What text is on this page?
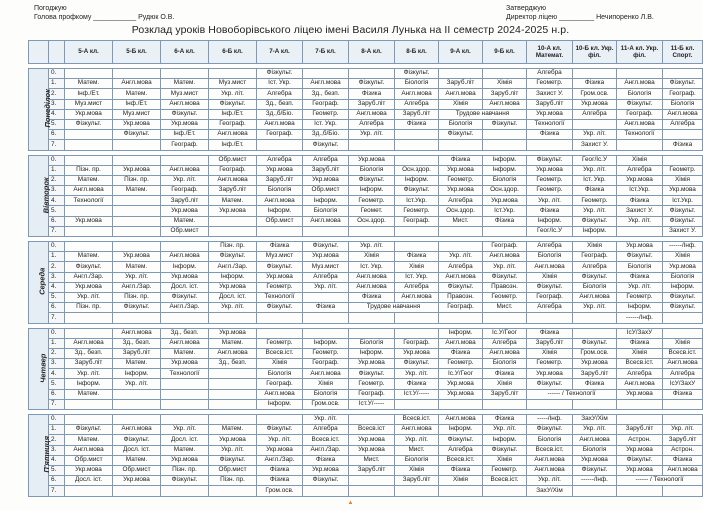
Погоджую
Голова профкому ___________ Рудюк О.В.
Затверджую
Директор ліцею _________ Нечипоренко Л.В.
Розклад уроків Новоборівського ліцею імені Василя Лунька на ІІ семестр 2024-2025 н.р.
		5-А кл.	5-Б кл.	6-А кл.	6-Б кл.	7-А кл.	7-Б кл.	8-А кл.	8-Б кл.	9-А кл.	9-Б кл.	10-А кл. Математ.	10-Б кл. Укр. філ.	11-А кл. Укр. філ.	11-Б кл. Спорт.

Понеділок	0.					Фізкульт.			Фізкульт.			Алгебра			
	1.	Матем.	Англ.мова	Матем.	Муз.мист	Іст. Укр.	Англ.мова	Фізкульт.	Біологія	Заруб.літ	Хімія	Геометр.	Фізика	Англ.мова	Фізкульт.
	2.	Інф./Ет.	Матем.	Муз.мист	Укр. літ.	Алгебра	Зд., безп.	Фізика	Англ.мова	Англ.мова	Заруб.літ	Захист У.	Гром.осв.	Біологія	Географ.
	3.	Муз.мист	Інф./Ет.	Англ.мова	Фізкульт.	Зд., безп.	Географ.	Заруб.літ	Алгебра	Хімія	Англ.мова	Заруб.літ	Укр.мова	Фізкульт.	Біологія
	4.	Укр.мова	Муз.мист	Фізкульт.	Інф./Ет.	Зд.,б/Біо.	Геометр.	Англ.мова	Заруб.літ	Трудове навчання		Укр.мова	Алгебра	Географ.	Англ.мова
	5.	Фізкульт.	Укр.мова	Укр.мова	Географ.	Англ.мова	Іст. Укр.	Алгебра	Фізика	Біологія	Фізкульт.	Технології		Англ.мова	Алгебра
	6.		Фізкульт.	Інф./Ет.	Англ.мова	Географ.	Зд.,б/Біо.	Укр. літ.		Фізкульт.		Фізика	Укр. літ.	Технології	
	7.			Географ.	Інф./Ет.		Фізкульт.						Захист У.		Фізика

Вівторок	0.				Обр.мист	Алгебра	Алгебра	Укр.мова		Фізика	Інформ.	Фізкульт.	Геог/Іс.У	Хімія	
	1.	Пізн. пр.	Укр.мова	Англ.мова	Географ.	Укр.мова	Заруб.літ	Біологія	Осн.здор.	Укр.мова	Інформ.	Укр.мова	Укр. літ.	Алгебра	Геометр.
	2.	Матем.	Пізн. пр.	Укр. літ.	Англ.мова	Заруб.літ	Укр.мова	Фізкульт.	Інформ.	Геометр.	Біологія	Геометр.	Іст. Укр.	Укр.мова	Хімія
	3.	Англ.мова	Матем.	Географ.	Заруб.літ	Біологія	Обр.мист	Інформ.	Фізкульт.	Укр.мова	Осн.здор.	Геометр.	Фізика	Іст.Укр.	Укр.мова
	4.	Технології		Заруб.літ	Матем.	Англ.мова	Інформ.	Геометр.	Іст.Укр.	Алгебра	Укр.мова	Укр. літ.	Геометр.	Фізика	Іст.Укр.
	5.			Укр.мова	Укр.мова	Інформ.	Біологія	Геомет.	Геометр.	Осн.здор.	Іст.Укр.	Фізика	Укр. літ.	Захист У.	Фізкульт.
	6.	Укр.мова		Матем.		Обр.мист	Англ.мова	Осн.здор.	Географ.	Мист.	Фізика	Інформ.	Фізкульт.	Укр. літ.	Фізкульт.
	7.			Обр.мист								Геог/Іс.У	Інформ.		Захист У.

Середа	0.				Пізн. пр.	Фізика	Фізкульт.	Укр. літ.			Географ.	Алгебра	Хімія	Укр.мова	------/Інф.
	1.	Матем.	Укр.мова	Англ.мова	Фізкульт.	Муз.мист	Укр.мова	Хімія	Фізика	Укр. літ.	Англ.мова	Біологія	Географ.	Фізкульт.	Хімія
	2.	Фізкульт.	Матем.	Інформ.	Англ./Зар.	Фізкульт.	Муз.мист	Іст. Укр.	Хімія	Алгебра	Укр. літ.	Англ.мова	Алгебра	Біологія	Укр.мова
	3.	Англ./Зар.	Укр. літ.	Укр.мова	Інформ.	Укр.мова	Алгебра	Англ.мова	Іст. Укр.	Англ.мова	Фізкульт.	Хімія	Фізкульт.	Фізика	Біологія
	4.	Укр.мова	Англ./Зар.	Досл. іст.	Укр.мова	Геометр.	Укр. літ.	Англ.мова	Алгебра	Фізкульт.	Правозн.	Фізкульт.	Біологія	Укр. літ.	Інформ.
	5.	Укр. літ.	Пізн. пр.	Фізкульт.	Досл. іст.	Технології		Фізика	Англ.мова	Правозн.	Геометр.	Географ.	Англ.мова	Геометр.	Фізкульт.
	6.	Пізн. пр.	Фізкульт.	Англ./Зар.	Укр. літ.	Фізкульт.	Фізика	Трудове навчання		Географ.	Мист.	Алгебра	Укр. літ.	Інформ.	Фізкульт.
	7.													------/Інф.	

Четвер	0.		Англ.мова	Зд., безп.	Укр.мова					Інформ.	Іс.У/Геог	Фізика		ІсУ/ЗахУ	
	1.	Англ.мова	Зд., безп.	Англ.мова	Матем.	Геометр.	Інформ.	Біологія	Географ.	Англ.мова	Алгебра	Заруб.літ	Фізкульт.	Фізика	Хімія
	2.	Зд., безп.	Заруб.літ	Матем.	Англ.мова	Всесв.іст.	Геометр.	Інформ.	Укр.мова	Фізика	Англ.мова	Хімія	Гром.осв.	Хімія	Всесв.іст.
	3.	Заруб.літ	Матем.	Укр.мова	Зд., безп.	Хімія	Географ.	Укр.мова	Фізкульт.	Геометр.	Біологія	Геометр.	Укр.мова	Всесв.іст.	Англ.мова
	4.	Укр. літ.	Інформ.	Технології		Біологія	Англ.мова	Фізкульт.	Укр. літ.	Іс.У/Геог	Фізика	Укр.мова	Заруб.літ	Алгебра	Алгебра
	5.	Інформ.	Укр. літ.			Географ.	Хімія	Геометр.	Фізика	Укр.мова	Хімія	Фізкульт.	Фізика	Англ.мова	ІсУ/ЗахУ
	6.	Матем.				Англ.мова	Біологія	Географ.	Іст.У/-----	Укр.мова	Заруб.літ	------ / Технології		Укр.мова	Фізика
	7.					Інформ.	Гром.осв.	Іст.У/-----							

П'ятниця	0.						Укр. літ.		Всесв.іст.	Англ.мова	Фізика	-----/Інф.	ЗахУ/Хім		
	1.	Фізкульт.	Англ.мова	Укр. літ.	Матем.	Фізкульт.	Алгебра	Всесв.іст	Англ.мова	Інформ.	Укр. літ.	Фізкульт.	Укр. літ.	Заруб.літ	Укр. літ.
	2.	Матем.	Фізкульт.	Досл. іст.	Укр.мова	Укр. літ.	Всесв.іст.	Укр.мова	Укр. літ.	Фізкульт.	Інформ.	Біологія	Англ.мова	Астрон.	Заруб.літ
	3.	Англ.мова	Досл. іст.	Матем.	Укр. літ.	Укр.мова	Англ./Зар.	Укр.мова	Мист.	Алгебра	Фізкульт.	Всесв.іст.	Біологія	Укр.мова	Астрон.
	4.	Обр.мист	Матем.	Укр.мова	Фізкульт.	Англ./Зар.	Фізика	Мист.	Біологія	Всесв.іст.	Хімія	Англ.мова	Укр.мова	Фізкульт.	Фізика
	5.	Укр.мова	Обр.мист	Пізн. пр.	Обр.мист	Фізика	Укр.мова	Заруб.літ	Хімія	Фізика	Геометр.	Англ.мова	Фізкульт.	Укр.мова	Англ.мова
	6.	Досл. іст.	Укр.мова	Фізкульт.	Пізн. пр.	Фізика	Фізкульт.		Заруб.літ	Хімія	Всесв.іст.	Укр. літ.	------/Інф.	------ / Технології	
	7.					Гром.осв.						ЗахУ/Хім			
▲
